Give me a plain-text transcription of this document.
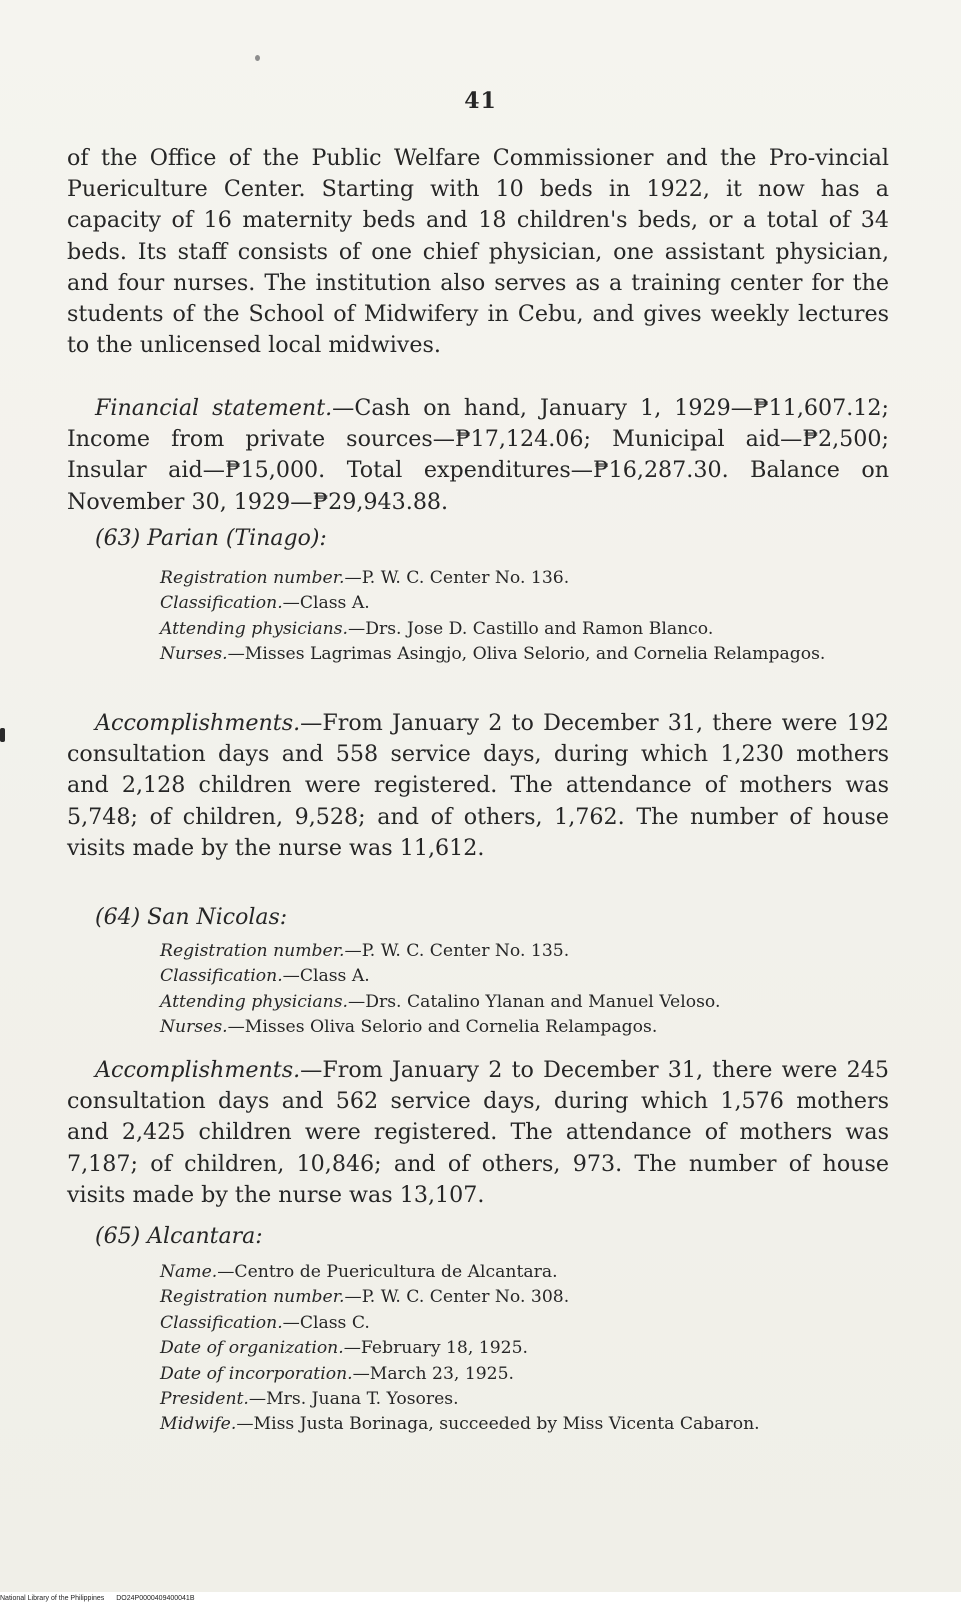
41

of the Office of the Public Welfare Commissioner and the Pro-vincial Puericulture Center. Starting with 10 beds in 1922, it now has a capacity of 16 maternity beds and 18 children's beds, or a total of 34 beds. Its staff consists of one chief physician, one assistant physician, and four nurses. The institution also serves as a training center for the students of the School of Midwifery in Cebu, and gives weekly lectures to the unlicensed local midwives.

Financial statement.—Cash on hand, January 1, 1929—₱11,607.12; Income from private sources—₱17,124.06; Municipal aid—₱2,500; Insular aid—₱15,000. Total expenditures—₱16,287.30. Balance on November 30, 1929—₱29,943.88.

(63) Parian (Tinago):
Registration number.—P. W. C. Center No. 136.
Classification.—Class A.
Attending physicians.—Drs. Jose D. Castillo and Ramon Blanco.
Nurses.—Misses Lagrimas Asingjo, Oliva Selorio, and Cornelia Relampagos.

Accomplishments.—From January 2 to December 31, there were 192 consultation days and 558 service days, during which 1,230 mothers and 2,128 children were registered. The attendance of mothers was 5,748; of children, 9,528; and of others, 1,762. The number of house visits made by the nurse was 11,612.

(64) San Nicolas:
Registration number.—P. W. C. Center No. 135.
Classification.—Class A.
Attending physicians.—Drs. Catalino Ylanan and Manuel Veloso.
Nurses.—Misses Oliva Selorio and Cornelia Relampagos.

Accomplishments.—From January 2 to December 31, there were 245 consultation days and 562 service days, during which 1,576 mothers and 2,425 children were registered. The attendance of mothers was 7,187; of children, 10,846; and of others, 973. The number of house visits made by the nurse was 13,107.

(65) Alcantara:
Name.—Centro de Puericultura de Alcantara.
Registration number.—P. W. C. Center No. 308.
Classification.—Class C.
Date of organization.—February 18, 1925.
Date of incorporation.—March 23, 1925.
President.—Mrs. Juana T. Yosores.
Midwife.—Miss Justa Borinaga, succeeded by Miss Vicenta Cabaron.
National Library of the Philippines DO24P0000409400041B
